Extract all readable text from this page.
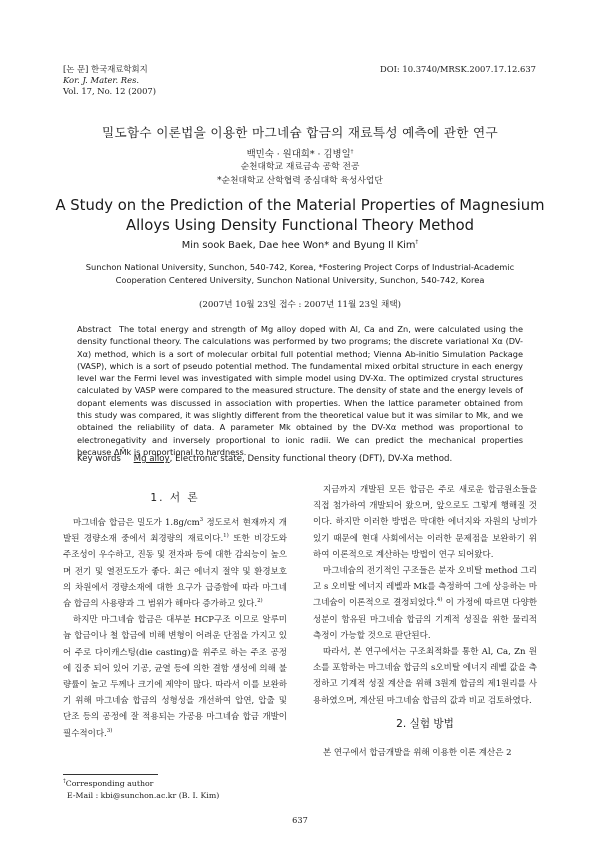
[논 문] 한국재료학회지
Kor. J. Mater. Res.
Vol. 17, No. 12 (2007)
DOI: 10.3740/MRSK.2007.17.12.637
밀도함수 이론법을 이용한 마그네슘 합금의 재료특성 예측에 관한 연구
백민숙 · 원대희* · 김병일†
순천대학교 재료금속 공학 전공
*순천대학교 산학협력 중심대학 육성사업단
A Study on the Prediction of the Material Properties of Magnesium Alloys Using Density Functional Theory Method
Min sook Baek, Dae hee Won* and Byung Il Kim†
Sunchon National University, Sunchon, 540-742, Korea, *Fostering Project Corps of Industrial-Academic
Cooperation Centered University, Sunchon National University, Sunchon, 540-742, Korea
(2007년 10월 23일 접수 : 2007년 11월 23일 채택)
Abstract The total energy and strength of Mg alloy doped with Al, Ca and Zn, were calculated using the density functional theory. The calculations was performed by two programs; the discrete variational Xα (DV-Xα) method, which is a sort of molecular orbital full potential method; Vienna Ab-initio Simulation Package (VASP), which is a sort of pseudo potential method. The fundamental mixed orbital structure in each energy level war the Fermi level was investigated with simple model using DV-Xα. The optimized crystal structures calculated by VASP were compared to the measured structure. The density of state and the energy levels of dopant elements was discussed in association with properties. When the lattice parameter obtained from this study was compared, it was slightly different from the theoretical value but it was similar to Mk, and we obtained the reliability of data. A parameter Mk obtained by the DV-Xα method was proportional to electronegativity and inversely proportional to ionic radii. We can predict the mechanical properties because ΔM̄k is proportional to hardness.
Key words Mg alloy, Electronic state, Density functional theory (DFT), DV-Xa method.
1. 서 론

마그네슘 합금은 밀도가 $1.8g/cm^3$ 정도로서 현재까지 개발된 경량소재 중에서 최경량의 재료이다.$^{1)}$ 또한 비강도와 주조성이 우수하고, 진동 및 전자파 등에 대한 감쇠능이 높으며 전기 및 열전도도가 좋다. 최근 에너지 절약 및 환경보호의 차원에서 경량소재에 대한 요구가 급증함에 따라 마그네슘 합금의 사용량과 그 범위가 해마다 증가하고 있다.$^{2)}$

하지만 마그네슘 합금은 대부분 HCP구조 이므로 알루미늄 합금이나 철 합금에 비해 변형이 어려운 단점을 가지고 있어 주로 다이캐스팅(die casting)을 위주로 하는 주조 공정에 집중 되어 있어 기공, 균열 등에 의한 결함 생성에 의해 불량률이 높고 두께나 크기에 제약이 많다. 따라서 이를 보완하기 위해 마그네슘 합금의 성형성을 개선하여 압연, 압출 및 단조 등의 공정에 잘 적용되는 가공용 마그네슘 합금 개발이 필수적이다.$^{3)}$

지금까지 개발된 모든 합금은 주로 새로운 합금원소들을 직접 첨가하여 개발되어 왔으며, 앞으로도 그렇게 행해질 것이다. 하지만 이러한 방법은 막대한 에너지와 자원의 낭비가 있기 때문에 현대 사회에서는 이러한 문제점을 보완하기 위하여 이론적으로 계산하는 방법이 연구 되어왔다.

마그네슘의 전기적인 구조들은 분자 오비탈 method 그리고 s 오비탈 에너지 레벨과 Mk를 측정하여 그에 상응하는 마그네슘이 이론적으로 결정되었다.$^{4)}$ 이 가정에 따르면 다양한 성분이 함유된 마그네슘 합금의 기계적 성질을 위한 물리적 측정이 가능할 것으로 판단된다.

따라서, 본 연구에서는 구조최적화를 통한 Al, Ca, Zn 원소를 포함하는 마그네슘 합금의 s오비탈 에너지 레벨 값을 측정하고 기계적 성질 계산을 위해 3원계 합금의 제1원리를 사용하였으며, 계산된 마그네슘 합금의 값과 비교 검토하였다.

2. 실험 방법
본 연구에서 합금개발을 위해 이용한 이론 계산은 2
†Corresponding author
E-Mail : kbi@sunchon.ac.kr (B. I. Kim)
637
